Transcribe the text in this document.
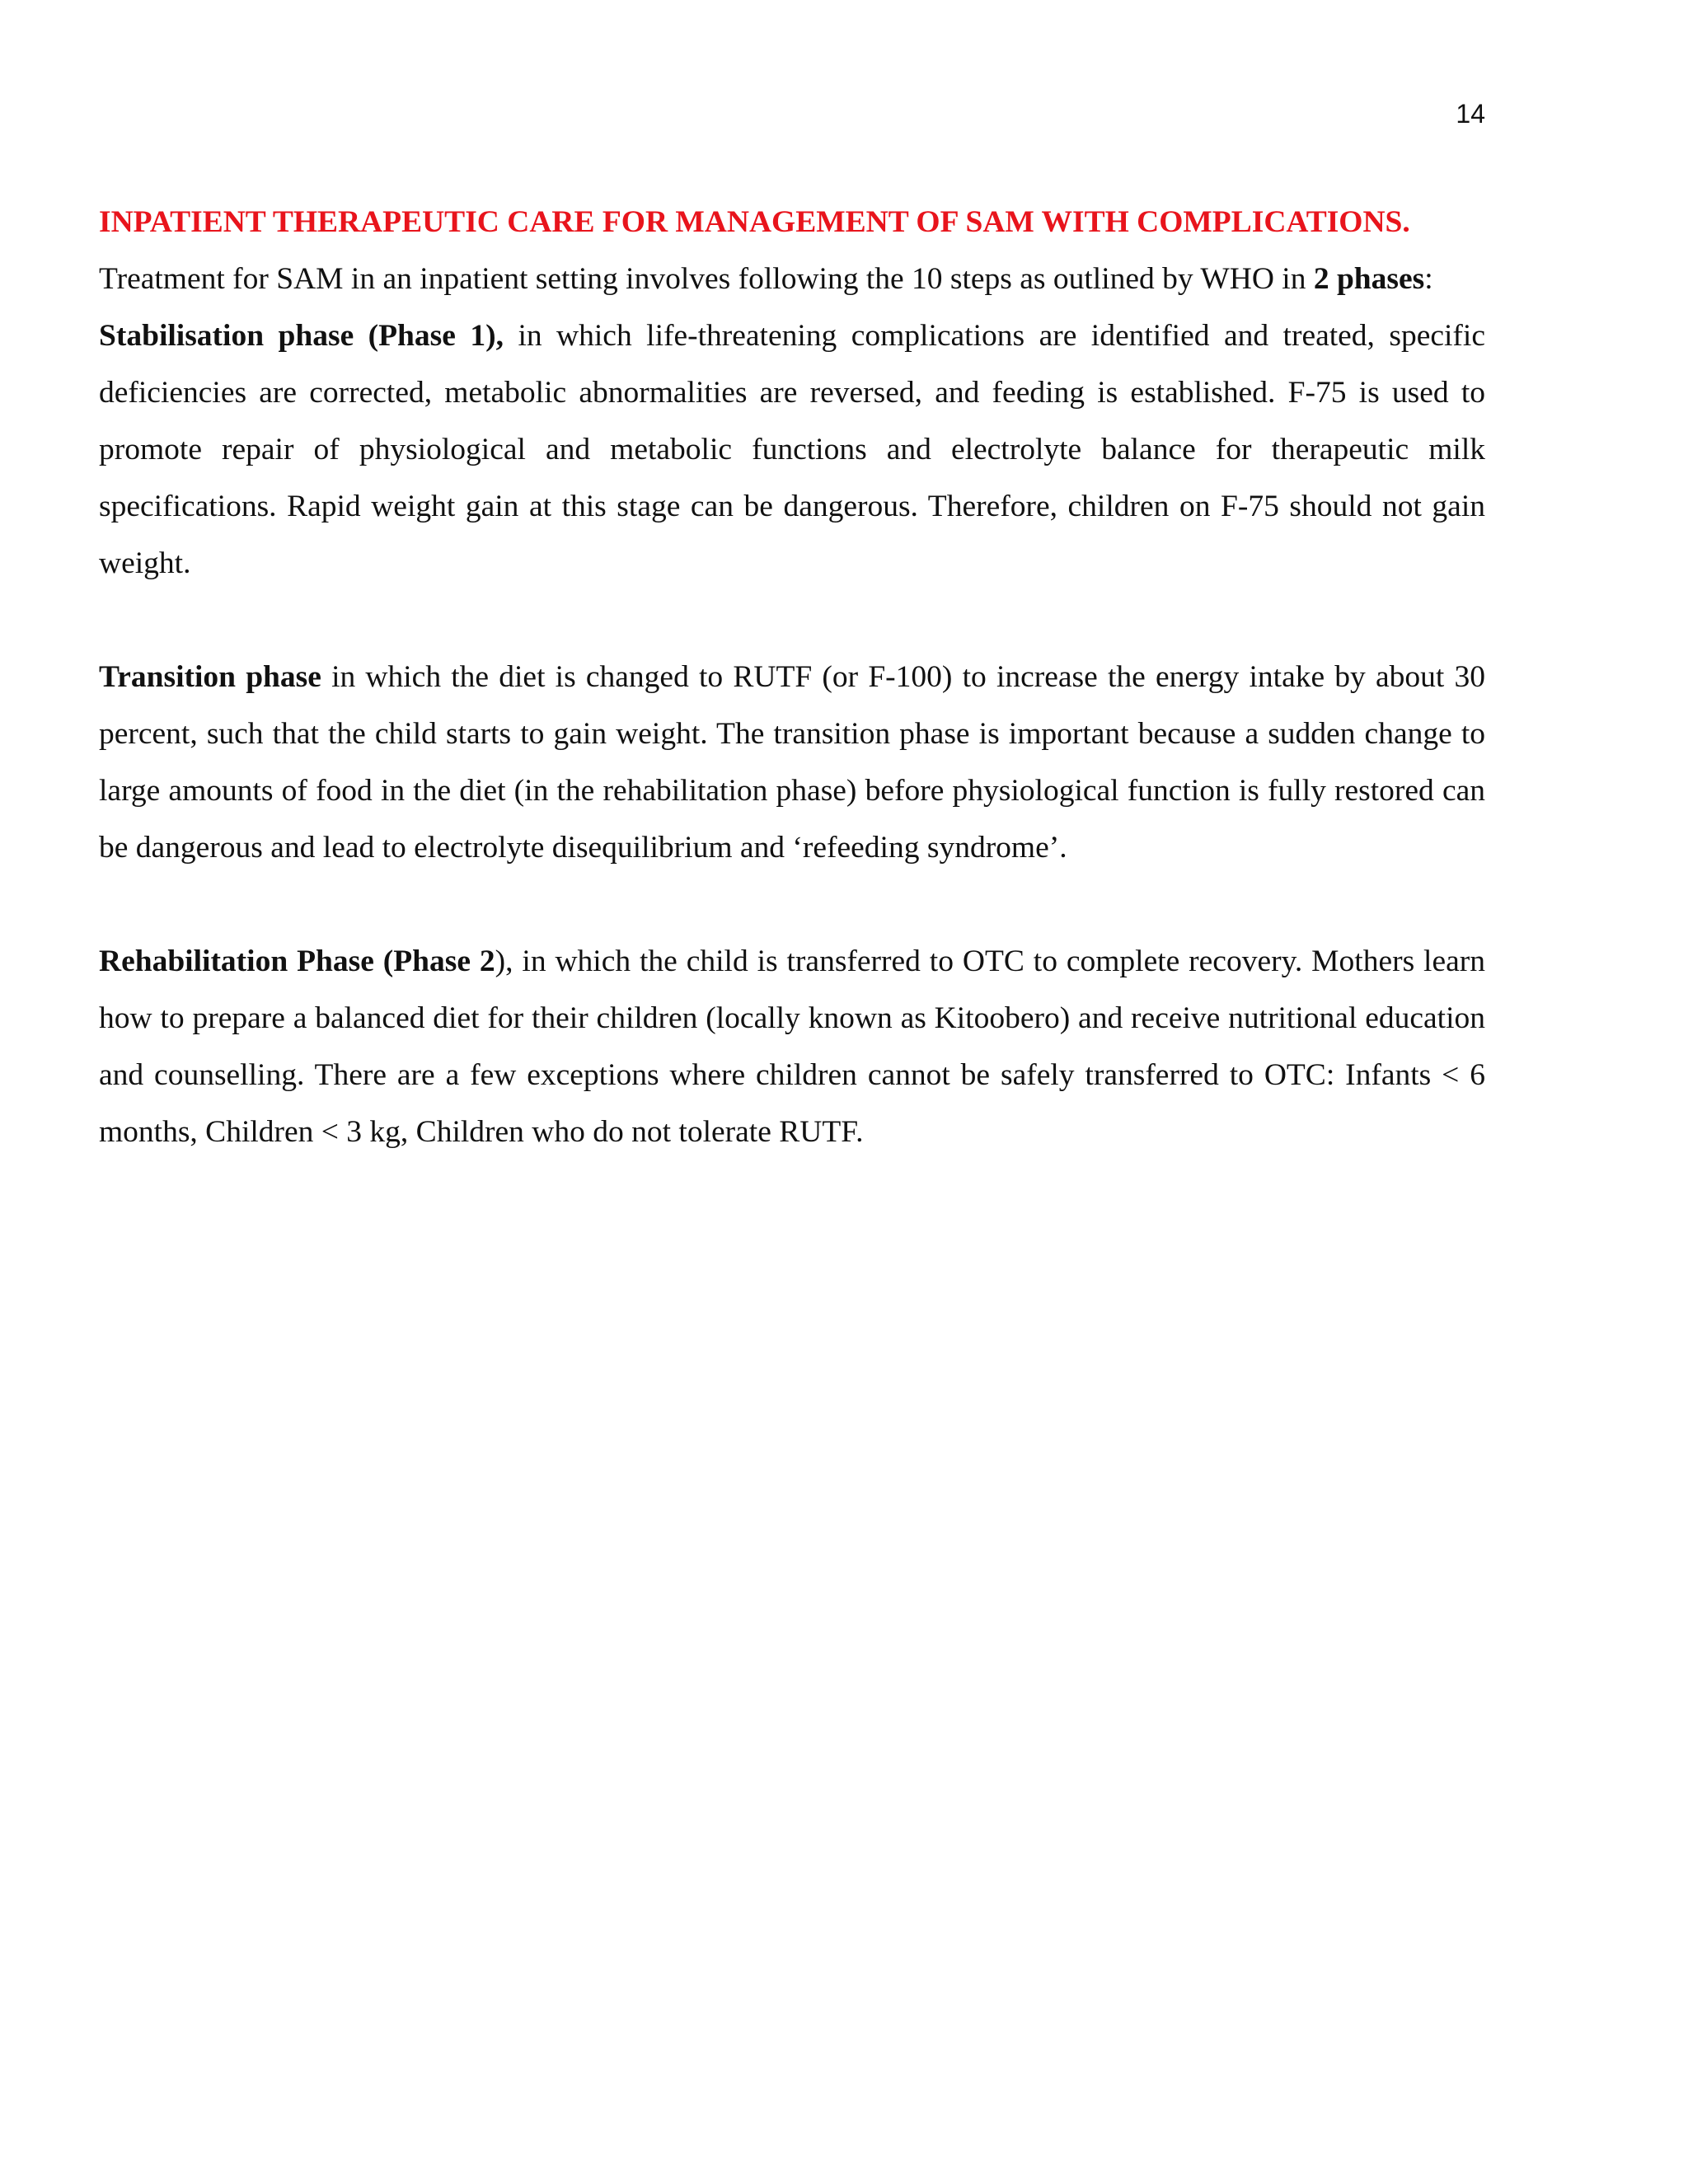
14

INPATIENT THERAPEUTIC CARE FOR MANAGEMENT OF SAM WITH COMPLICATIONS.

Treatment for SAM in an inpatient setting involves following the 10 steps as outlined by WHO in 2 phases:

Stabilisation phase (Phase 1), in which life-threatening complications are identified and treated, specific deficiencies are corrected, metabolic abnormalities are reversed, and feeding is established. F-75 is used to promote repair of physiological and metabolic functions and electrolyte balance for therapeutic milk specifications. Rapid weight gain at this stage can be dangerous. Therefore, children on F-75 should not gain weight.

Transition phase in which the diet is changed to RUTF (or F-100) to increase the energy intake by about 30 percent, such that the child starts to gain weight. The transition phase is important because a sudden change to large amounts of food in the diet (in the rehabilitation phase) before physiological function is fully restored can be dangerous and lead to electrolyte disequilibrium and ‘refeeding syndrome’.

Rehabilitation Phase (Phase 2), in which the child is transferred to OTC to complete recovery. Mothers learn how to prepare a balanced diet for their children (locally known as Kitoobero) and receive nutritional education and counselling. There are a few exceptions where children cannot be safely transferred to OTC: Infants < 6 months, Children < 3 kg, Children who do not tolerate RUTF.
